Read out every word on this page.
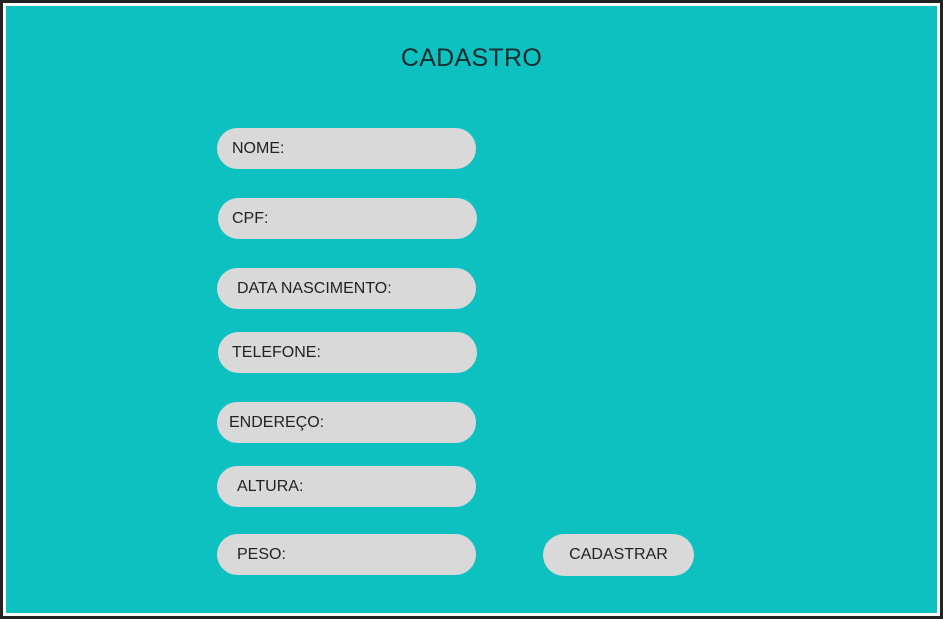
CADASTRO
NOME:
CPF:
DATA NASCIMENTO:
TELEFONE:
ENDEREÇO:
ALTURA:
PESO:	CADASTRAR
